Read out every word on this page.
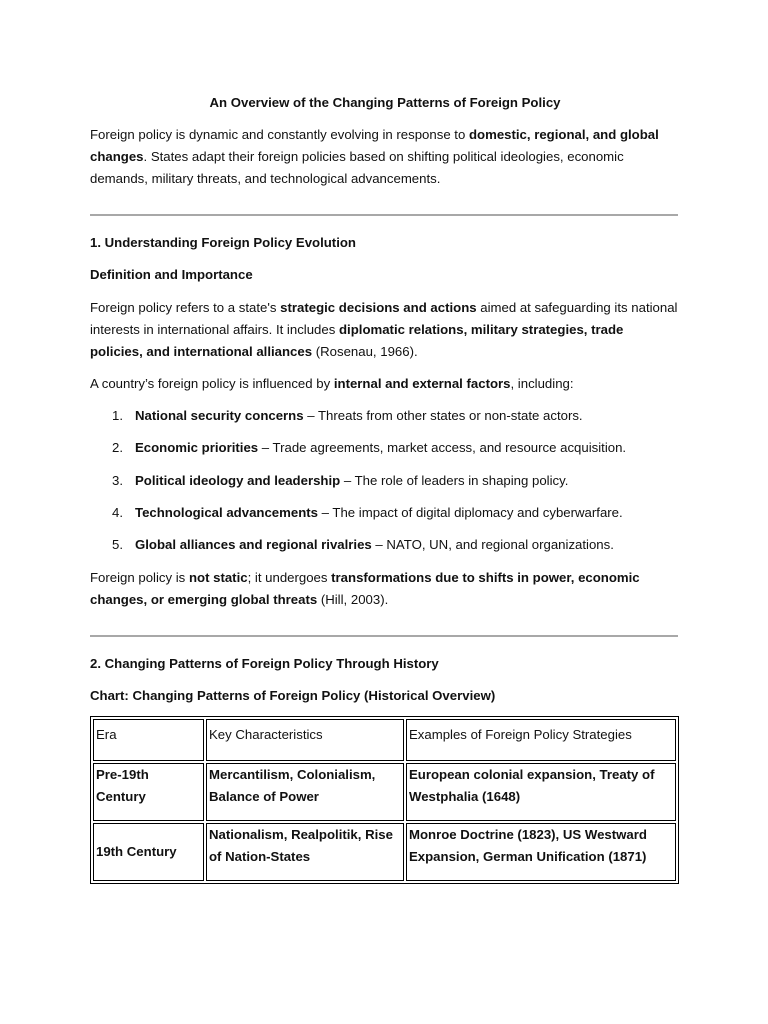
An Overview of the Changing Patterns of Foreign Policy

Foreign policy is dynamic and constantly evolving in response to domestic, regional, and global changes. States adapt their foreign policies based on shifting political ideologies, economic demands, military threats, and technological advancements.

1. Understanding Foreign Policy Evolution
Definition and Importance

Foreign policy refers to a state's strategic decisions and actions aimed at safeguarding its national interests in international affairs. It includes diplomatic relations, military strategies, trade policies, and international alliances (Rosenau, 1966).

A country’s foreign policy is influenced by internal and external factors, including:

1. National security concerns – Threats from other states or non-state actors.
2. Economic priorities – Trade agreements, market access, and resource acquisition.
3. Political ideology and leadership – The role of leaders in shaping policy.
4. Technological advancements – The impact of digital diplomacy and cyberwarfare.
5. Global alliances and regional rivalries – NATO, UN, and regional organizations.

Foreign policy is not static; it undergoes transformations due to shifts in power, economic changes, or emerging global threats (Hill, 2003).

2. Changing Patterns of Foreign Policy Through History
Chart: Changing Patterns of Foreign Policy (Historical Overview)
Era	Key Characteristics	Examples of Foreign Policy Strategies
Pre-19th Century	Mercantilism, Colonialism, Balance of Power	European colonial expansion, Treaty of Westphalia (1648)
19th Century	Nationalism, Realpolitik, Rise of Nation-States	Monroe Doctrine (1823), US Westward Expansion, German Unification (1871)
